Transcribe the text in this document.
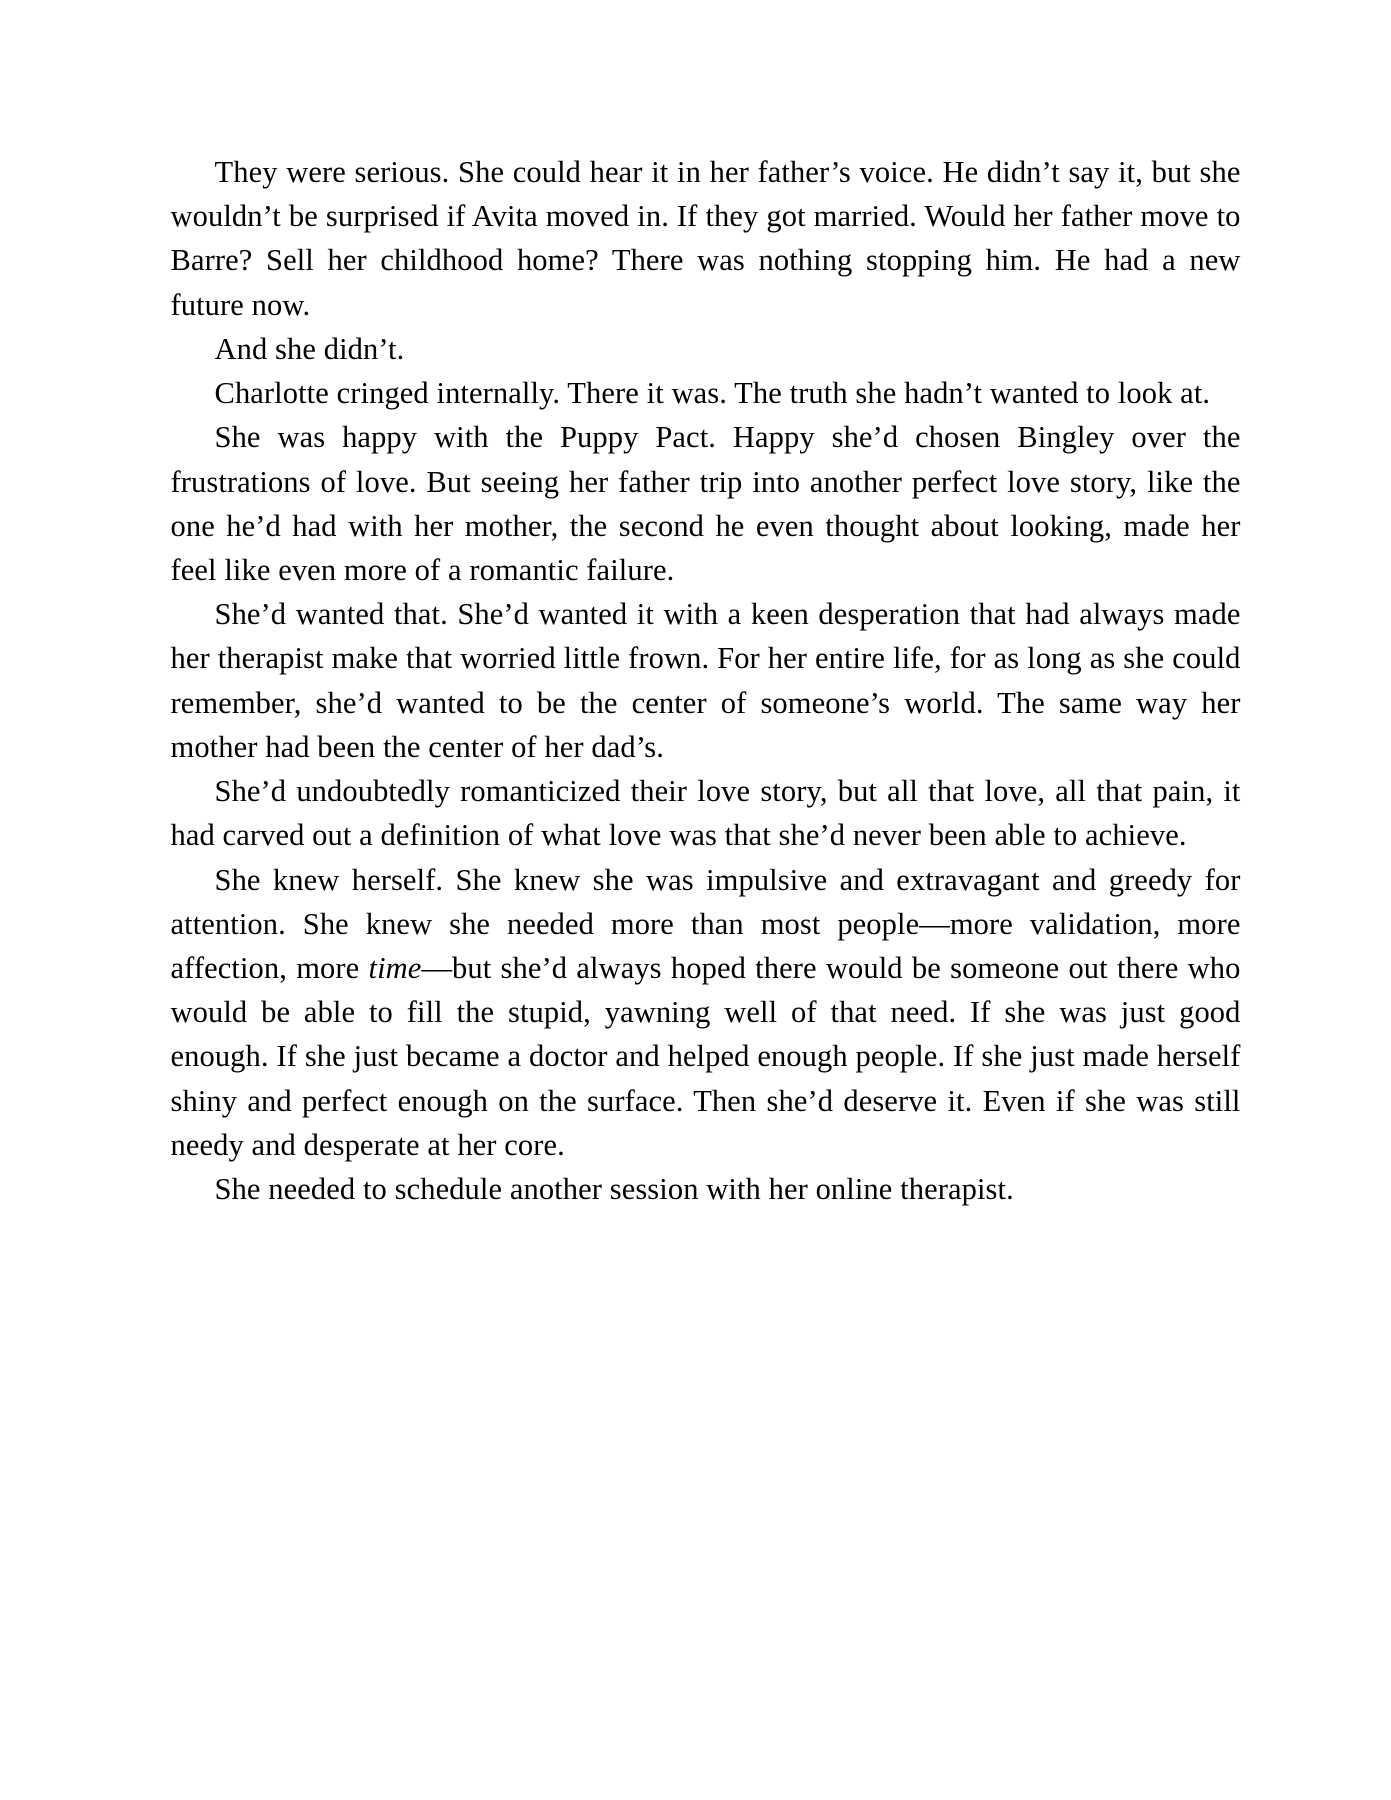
They were serious. She could hear it in her father’s voice. He didn’t say it, but she wouldn’t be surprised if Avita moved in. If they got married. Would her father move to Barre? Sell her childhood home? There was nothing stopping him. He had a new future now.

And she didn’t.

Charlotte cringed internally. There it was. The truth she hadn’t wanted to look at.

She was happy with the Puppy Pact. Happy she’d chosen Bingley over the frustrations of love. But seeing her father trip into another perfect love story, like the one he’d had with her mother, the second he even thought about looking, made her feel like even more of a romantic failure.

She’d wanted that. She’d wanted it with a keen desperation that had always made her therapist make that worried little frown. For her entire life, for as long as she could remember, she’d wanted to be the center of someone’s world. The same way her mother had been the center of her dad’s.

She’d undoubtedly romanticized their love story, but all that love, all that pain, it had carved out a definition of what love was that she’d never been able to achieve.

She knew herself. She knew she was impulsive and extravagant and greedy for attention. She knew she needed more than most people—more validation, more affection, more time—but she’d always hoped there would be someone out there who would be able to fill the stupid, yawning well of that need. If she was just good enough. If she just became a doctor and helped enough people. If she just made herself shiny and perfect enough on the surface. Then she’d deserve it. Even if she was still needy and desperate at her core.

She needed to schedule another session with her online therapist.
